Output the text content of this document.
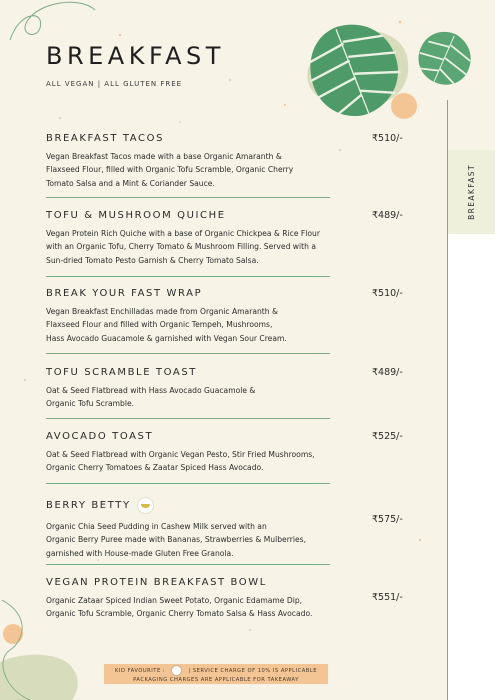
BREAKFAST
BREAKFAST
ALL VEGAN | ALL GLUTEN FREE
BREAKFAST TACOS
Vegan Breakfast Tacos made with a base Organic Amaranth &
Flaxseed Flour, filled with Organic Tofu Scramble, Organic Cherry
Tomato Salsa and a Mint & Coriander Sauce.
₹510/-
TOFU & MUSHROOM QUICHE
Vegan Protein Rich Quiche with a base of Organic Chickpea & Rice Flour
with an Organic Tofu, Cherry Tomato & Mushroom Filling. Served with a
Sun-dried Tomato Pesto Garnish & Cherry Tomato Salsa.
₹489/-
BREAK YOUR FAST WRAP
Vegan Breakfast Enchilladas made from Organic Amaranth &
Flaxseed Flour and filled with Organic Tempeh, Mushrooms,
Hass Avocado Guacamole & garnished with Vegan Sour Cream.
₹510/-
TOFU SCRAMBLE TOAST
Oat & Seed Flatbread with Hass Avocado Guacamole &
Organic Tofu Scramble.
₹489/-
AVOCADO TOAST
Oat & Seed Flatbread with Organic Vegan Pesto, Stir Fried Mushrooms,
Organic Cherry Tomatoes & Zaatar Spiced Hass Avocado.
₹525/-
BERRY BETTY
Organic Chia Seed Pudding in Cashew Milk served with an
Organic Berry Puree made with Bananas, Strawberries & Mulberries,
garnished with House-made Gluten Free Granola.
₹575/-
VEGAN PROTEIN BREAKFAST BOWL
Organic Zataar Spiced Indian Sweet Potato, Organic Edamame Dip,
Organic Tofu Scramble, Organic Cherry Tomato Salsa & Hass Avocado.
₹551/-
KID FAVOURITE :	| SERVICE CHARGE OF 10% IS APPLICABLE
PACKAGING CHARGES ARE APPLICABLE FOR TAKEAWAY
